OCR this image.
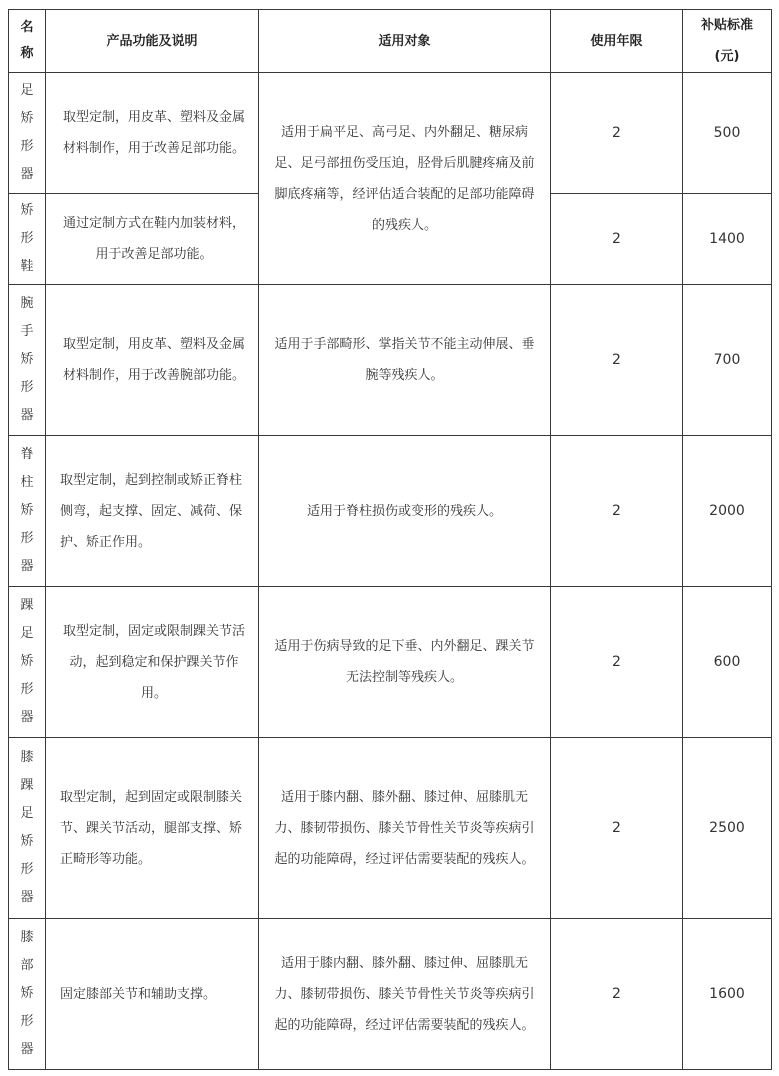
名称	产品功能及说明	适用对象	使用年限	补贴标准
(元)

足矫形器	取型定制，用皮革、塑料及金属材料制作，用于改善足部功能。	适用于扁平足、高弓足、内外翻足、糖尿病足、足弓部扭伤受压迫，胫骨后肌腱疼痛及前脚底疼痛等，经评估适合装配的足部功能障碍的残疾人。	2	500

矫形鞋	通过定制方式在鞋内加装材料，用于改善足部功能。		2	1400

腕手矫形器	取型定制，用皮革、塑料及金属材料制作，用于改善腕部功能。	适用于手部畸形、掌指关节不能主动伸展、垂腕等残疾人。	2	700

脊柱矫形器	取型定制，起到控制或矫正脊柱侧弯，起支撑、固定、减荷、保护、矫正作用。	适用于脊柱损伤或变形的残疾人。	2	2000

踝足矫形器	取型定制，固定或限制踝关节活动，起到稳定和保护踝关节作用。	适用于伤病导致的足下垂、内外翻足、踝关节无法控制等残疾人。	2	600

膝踝足矫形器	取型定制，起到固定或限制膝关节、踝关节活动，腿部支撑、矫正畸形等功能。	适用于膝内翻、膝外翻、膝过伸、屈膝肌无力、膝韧带损伤、膝关节骨性关节炎等疾病引起的功能障碍，经过评估需要装配的残疾人。	2	2500

膝部矫形器	固定膝部关节和辅助支撑。	适用于膝内翻、膝外翻、膝过伸、屈膝肌无力、膝韧带损伤、膝关节骨性关节炎等疾病引起的功能障碍，经过评估需要装配的残疾人。	2	1600
